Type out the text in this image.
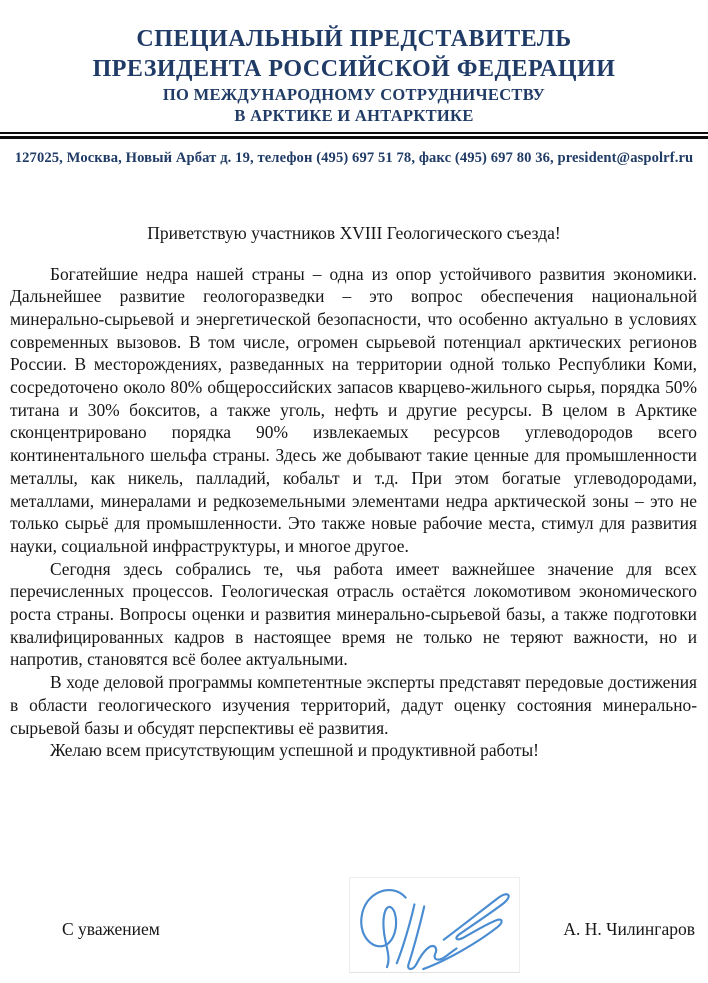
СПЕЦИАЛЬНЫЙ ПРЕДСТАВИТЕЛЬ
ПРЕЗИДЕНТА РОССИЙСКОЙ ФЕДЕРАЦИИ
ПО МЕЖДУНАРОДНОМУ СОТРУДНИЧЕСТВУ
В АРКТИКЕ И АНТАРКТИКЕ
127025, Москва, Новый Арбат д. 19, телефон (495) 697 51 78, факс (495) 697 80 36, president@aspolrf.ru
Приветствую участников XVIII Геологического съезда!

Богатейшие недра нашей страны – одна из опор устойчивого развития экономики. Дальнейшее развитие геологоразведки – это вопрос обеспечения национальной минерально-сырьевой и энергетической безопасности, что особенно актуально в условиях современных вызовов. В том числе, огромен сырьевой потенциал арктических регионов России. В месторождениях, разведанных на территории одной только Республики Коми, сосредоточено около 80% общероссийских запасов кварцево-жильного сырья, порядка 50% титана и 30% бокситов, а также уголь, нефть и другие ресурсы. В целом в Арктике сконцентрировано порядка 90% извлекаемых ресурсов углеводородов всего континентального шельфа страны. Здесь же добывают такие ценные для промышленности металлы, как никель, палладий, кобальт и т.д. При этом богатые углеводородами, металлами, минералами и редкоземельными элементами недра арктической зоны – это не только сырьё для промышленности. Это также новые рабочие места, стимул для развития науки, социальной инфраструктуры, и многое другое.

Сегодня здесь собрались те, чья работа имеет важнейшее значение для всех перечисленных процессов. Геологическая отрасль остаётся локомотивом экономического роста страны. Вопросы оценки и развития минерально-сырьевой базы, а также подготовки квалифицированных кадров в настоящее время не только не теряют важности, но и напротив, становятся всё более актуальными.

В ходе деловой программы компетентные эксперты представят передовые достижения в области геологического изучения территорий, дадут оценку состояния минерально-сырьевой базы и обсудят перспективы её развития.

Желаю всем присутствующим успешной и продуктивной работы!

С уважением	А. Н. Чилингаров
